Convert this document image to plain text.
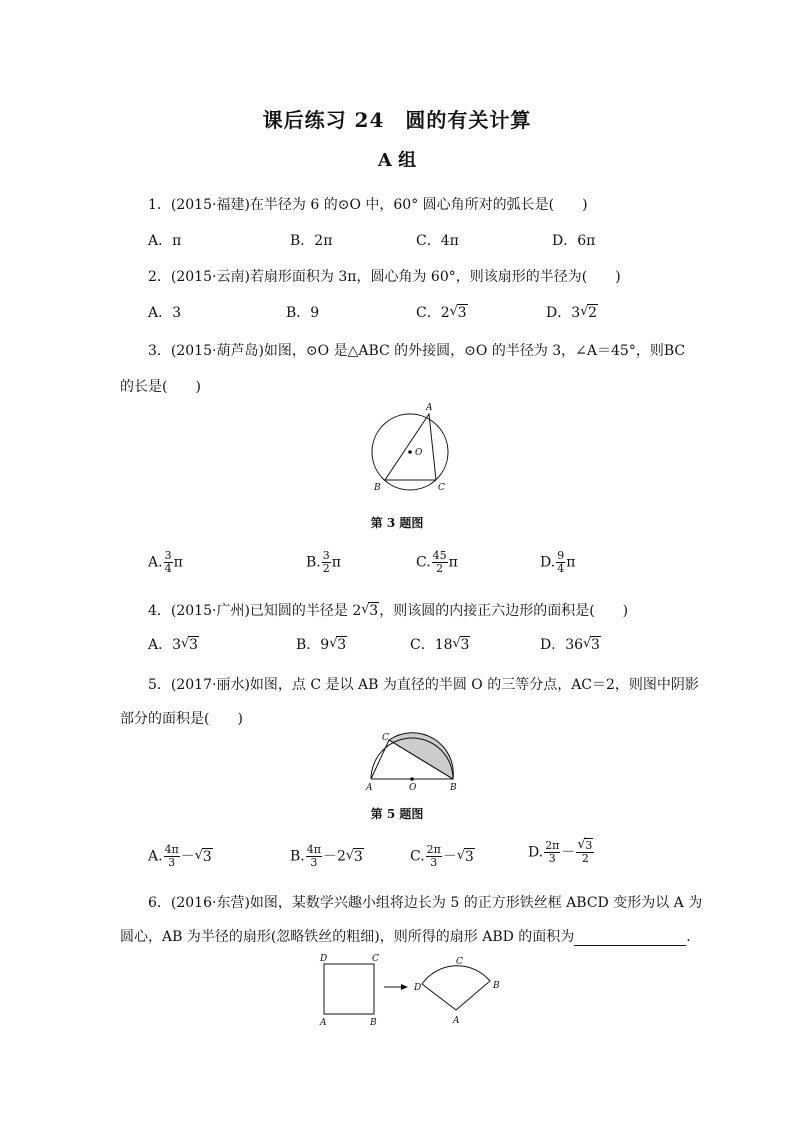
课后练习 24　圆的有关计算
A 组
1．(2015·福建)在半径为 6 的⊙O 中，60° 圆心角所对的弧长是(　　)
A．π	B．2π	C．4π	D．6π
2．(2015·云南)若扇形面积为 3π，圆心角为 60°，则该扇形的半径为(　　)
A．3	B．9	C．2√ 3	D．3√ 2
3．(2015·葫芦岛)如图，⊙O 是△ABC 的外接圆，⊙O 的半径为 3，∠A＝45°，则BC
的长是(　　)
A
B	C
O
第 3 题图
A. $\frac{3}{4}$ π	B. $\frac{3}{2}$ π	C. $\frac{45}{2}$ π	D. $\frac{9}{4}$ π
4．(2015·广州)已知圆的半径是 2√ 3，则该圆的内接正六边形的面积是(　　)
A．3√ 3	B．9√ 3	C．18√ 3	D．36√ 3
5．(2017·丽水)如图，点 C 是以 AB 为直径的半圆 O 的三等分点，AC＝2，则图中阴影
部分的面积是(　　)
C
A	O	B
第 5 题图
A. $\frac{4\pi}{3}$ －√ 3	B. $\frac{4\pi}{3} -2√$ 3	C. $\frac{2\pi}{3}$ －√ 3	D. $\frac{2\pi}{3}$ －
√ $\frac{3}{2}$
6．(2016·东营)如图，某数学兴趣小组将边长为 5 的正方形铁丝框 ABCD 变形为以 A 为
圆心，AB 为半径的扇形(忽略铁丝的粗细)，则所得的扇形 ABD 的面积为	.
D	C
A	B
C
D	B
A
